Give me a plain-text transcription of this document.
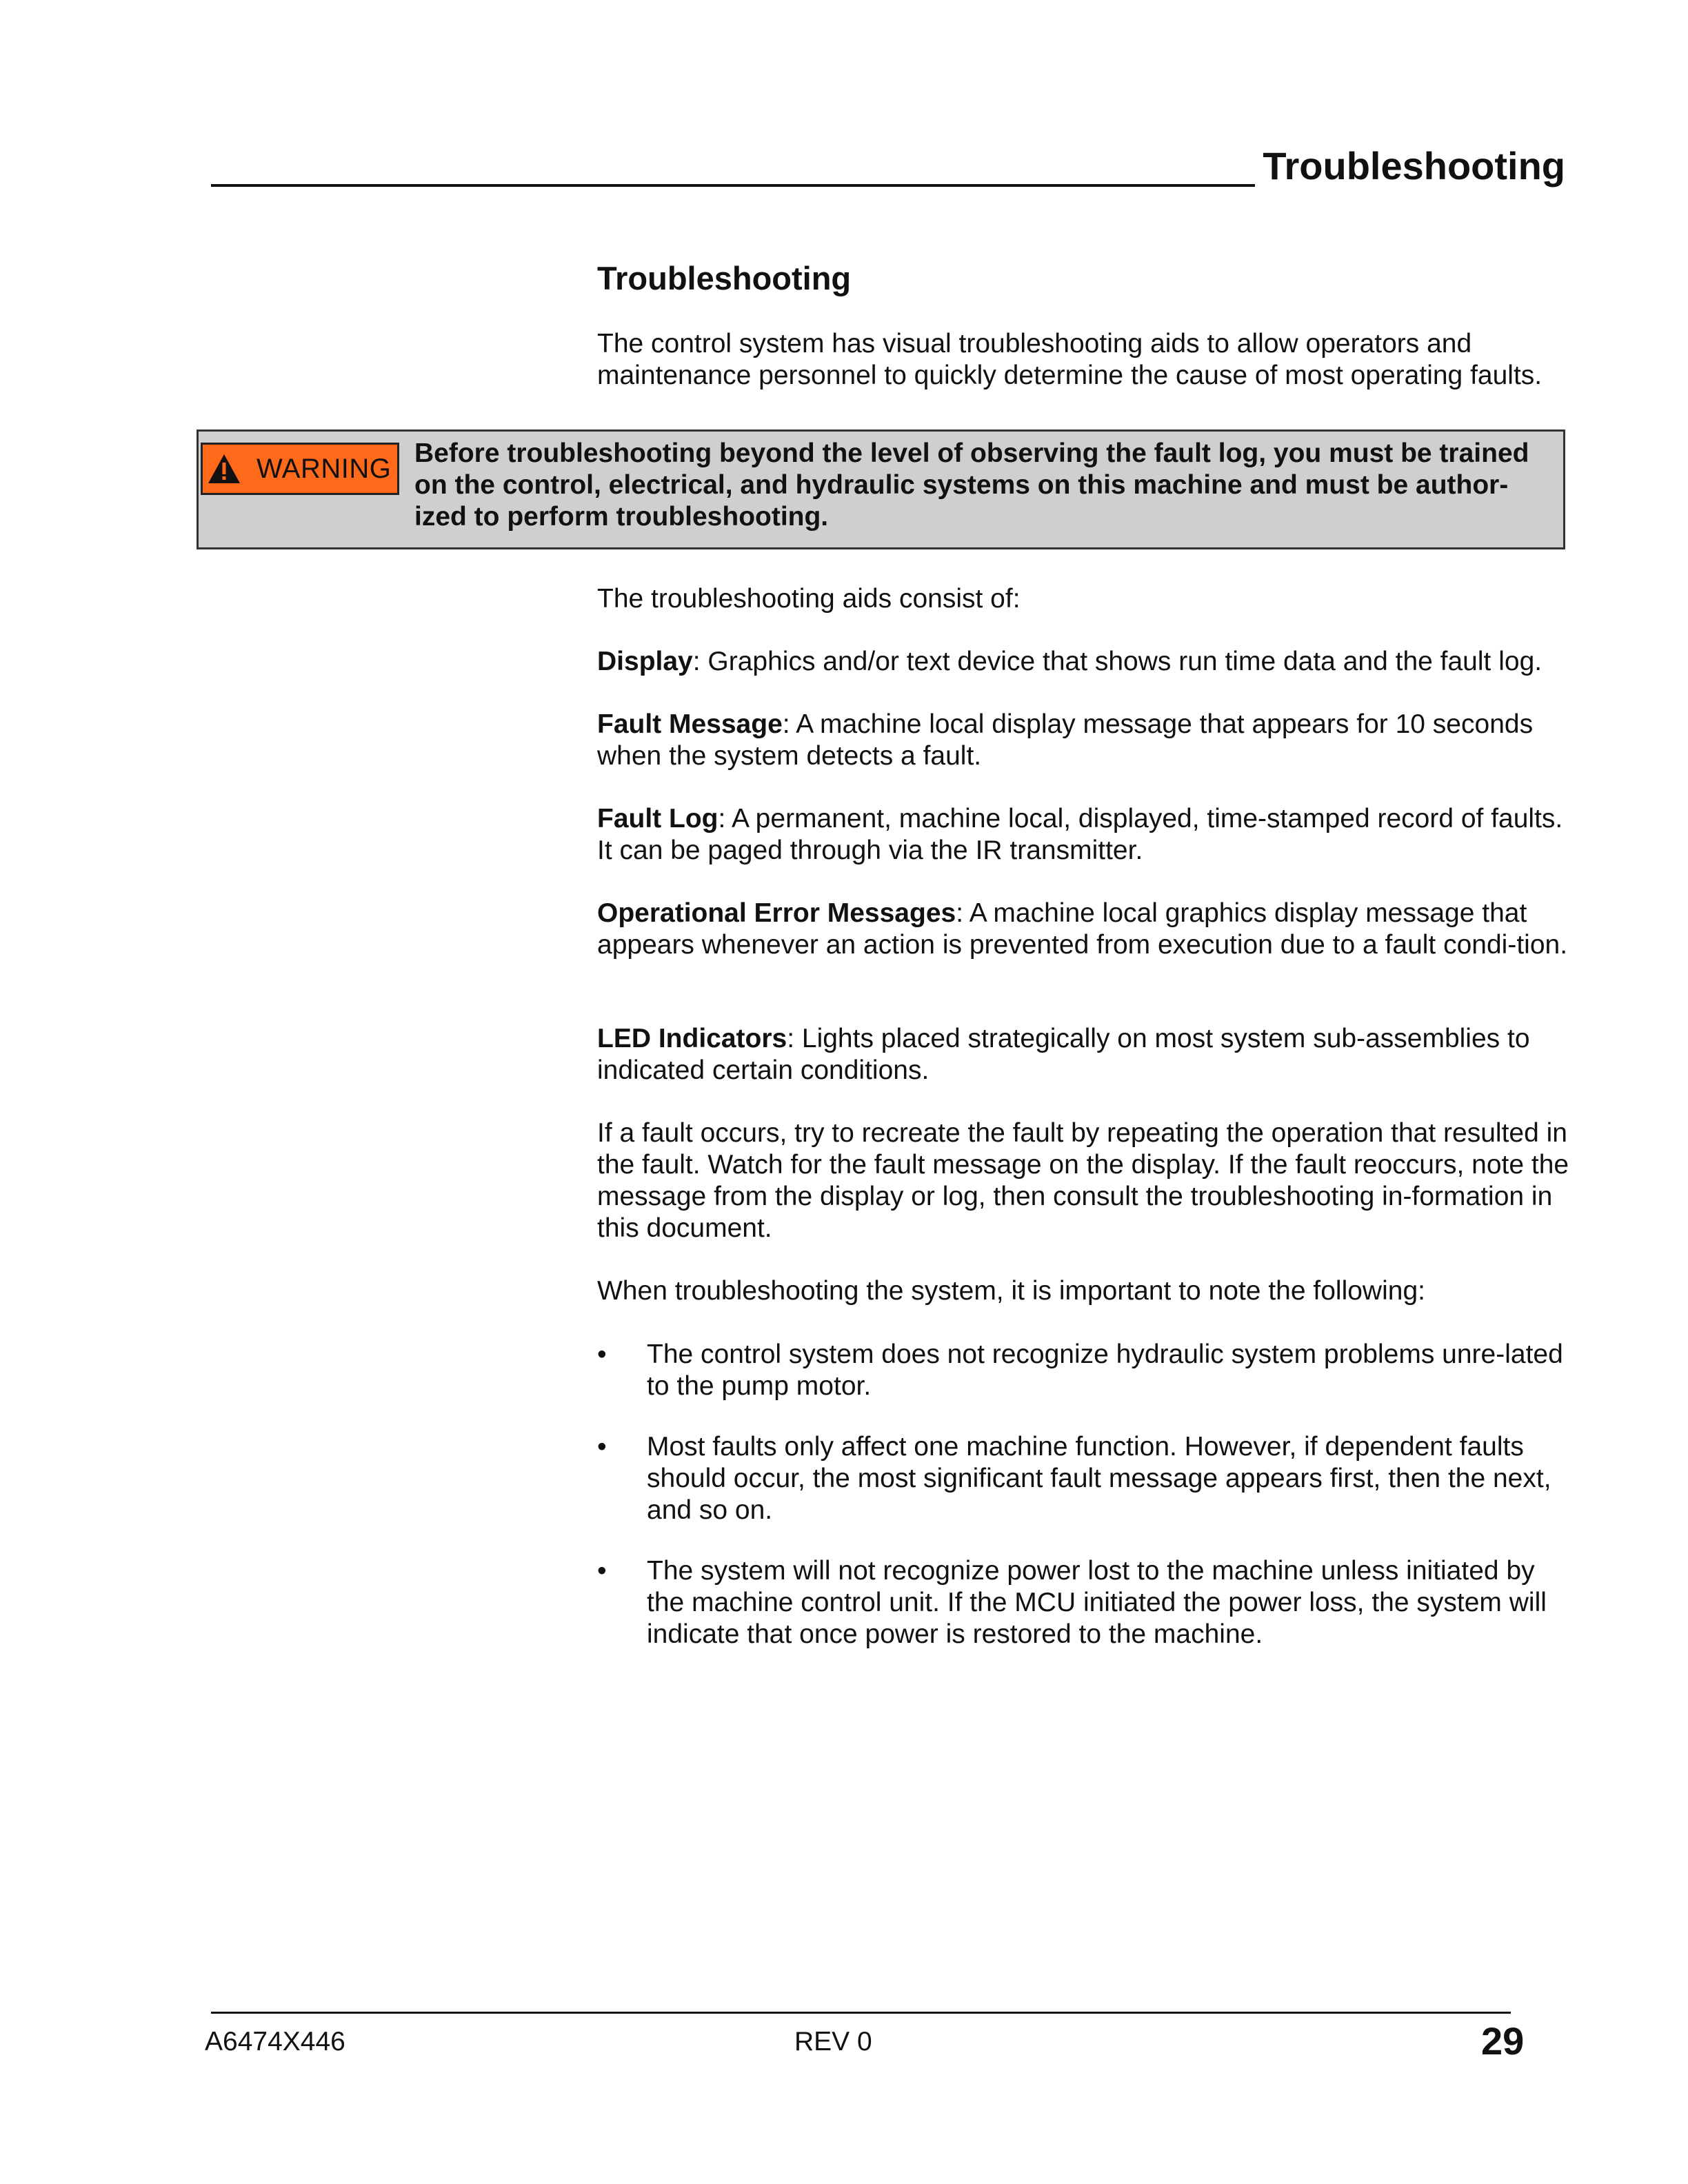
Troubleshooting
Troubleshooting

The control system has visual troubleshooting aids to allow operators and maintenance personnel to quickly determine the cause of most operating faults.

WARNING Before troubleshooting beyond the level of observing the fault log, you must be trained
on the control, electrical, and hydraulic systems on this machine and must be author-
ized to perform troubleshooting.

The troubleshooting aids consist of:

Display: Graphics and/or text device that shows run time data and the fault log.

Fault Message: A machine local display message that appears for 10 seconds when the system detects a fault.

Fault Log: A permanent, machine local, displayed, time-stamped record of faults. It can be paged through via the IR transmitter.

Operational Error Messages: A machine local graphics display message that appears whenever an action is prevented from execution due to a fault condi-tion.

LED Indicators: Lights placed strategically on most system sub-assemblies to indicated certain conditions.

If a fault occurs, try to recreate the fault by repeating the operation that resulted in the fault. Watch for the fault message on the display. If the fault reoccurs, note the message from the display or log, then consult the troubleshooting in-formation in this document.

When troubleshooting the system, it is important to note the following:

•	The control system does not recognize hydraulic system problems unre-lated to the pump motor.
•	Most faults only affect one machine function. However, if dependent faults should occur, the most significant fault message appears first, then the next, and so on.
•	The system will not recognize power lost to the machine unless initiated by the machine control unit. If the MCU initiated the power loss, the system will indicate that once power is restored to the machine.
A6474X446	REV 0	29
